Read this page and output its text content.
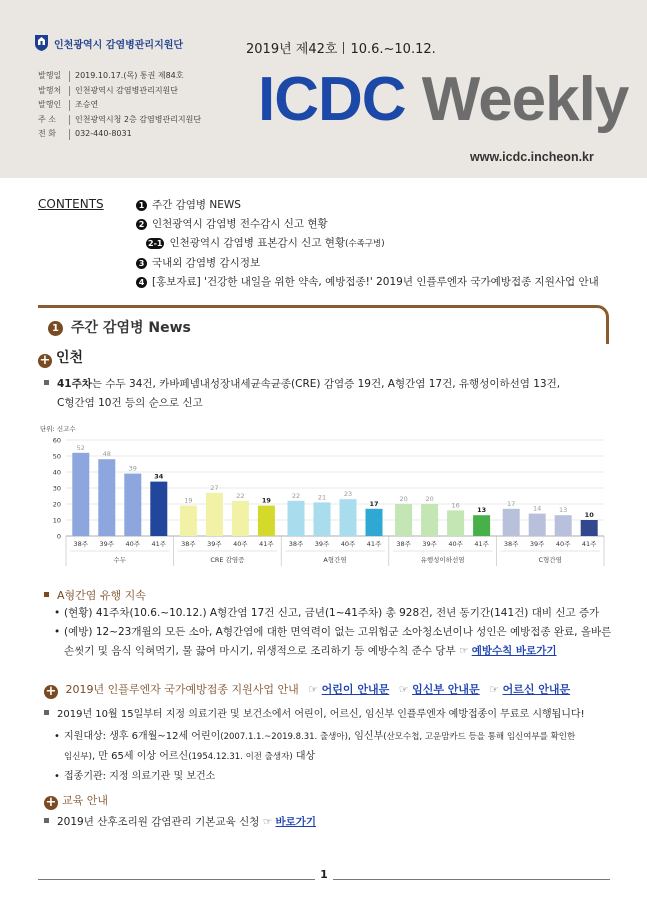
인천광역시 감염병관리지원단
발행일	2019.10.17.(목) 통권 제84호
발행처	인천광역시 감염병관리지원단
발행인	조승연
주 소	인천광역시청 2층 감염병관리지원단
전 화	032-440-8031
2019년 제42호 10.6.~10.12.
ICDC Weekly
www.icdc.incheon.kr
CONTENTS	1 주간 감염병 NEWS
2 인천광역시 감염병 전수감시 신고 현황
2-1 인천광역시 감염병 표본감시 신고 현황(수족구병)
3 국내외 감염병 감시정보
4 [홍보자료] '건강한 내일을 위한 약속, 예방접종!' 2019년 인플루엔자 국가예방접종 지원사업 안내
1 주간 감염병 News
+ 인천
41주차는 수두 34건, 카바페넴내성장내세균속균종(CRE) 감염증 19건, A형간염 17건, 유행성이하선염 13건,
C형간염 10건 등의 순으로 신고
단위: 신고수
0
10
20
30
40
50
60
52
38주
48
39주
39
40주
34
41주
수두
19
38주
27
39주
22
40주
19
41주
CRE 감염증
22
38주
21
39주
23
40주
17
41주
A형간염
20
38주
20
39주
16
40주
13
41주
유행성이하선염
17
38주
14
39주
13
40주
10
41주
C형간염
A형간염 유행 지속
• (현황) 41주차(10.6.~10.12.) A형간염 17건 신고, 금년(1~41주차) 총 928건, 전년 동기간(141건) 대비 신고 증가
• (예방) 12~23개월의 모든 소아, A형간염에 대한 면역력이 없는 고위험군 소아청소년이나 성인은 예방접종 완료, 올바른
손씻기 및 음식 익혀먹기, 물 끓여 마시기, 위생적으로 조리하기 등 예방수칙 준수 당부 ☞ 예방수칙 바로가기
+ 2019년 인플루엔자 국가예방접종 지원사업 안내 ☞ 어린이 안내문 ☞ 임신부 안내문 ☞ 어르신 안내문
2019년 10월 15일부터 지정 의료기관 및 보건소에서 어린이, 어르신, 임신부 인플루엔자 예방접종이 무료로 시행됩니다!
• 지원대상: 생후 6개월~12세 어린이(2007.1.1.~2019.8.31. 출생아), 임신부(산모수첩, 고운맘카드 등을 통해 임신여부를 확인한
임신부), 만 65세 이상 어르신(1954.12.31. 이전 출생자) 대상
• 접종기관: 지정 의료기관 및 보건소
+ 교육 안내
2019년 산후조리원 감염관리 기본교육 신청 ☞ 바로가기
1
